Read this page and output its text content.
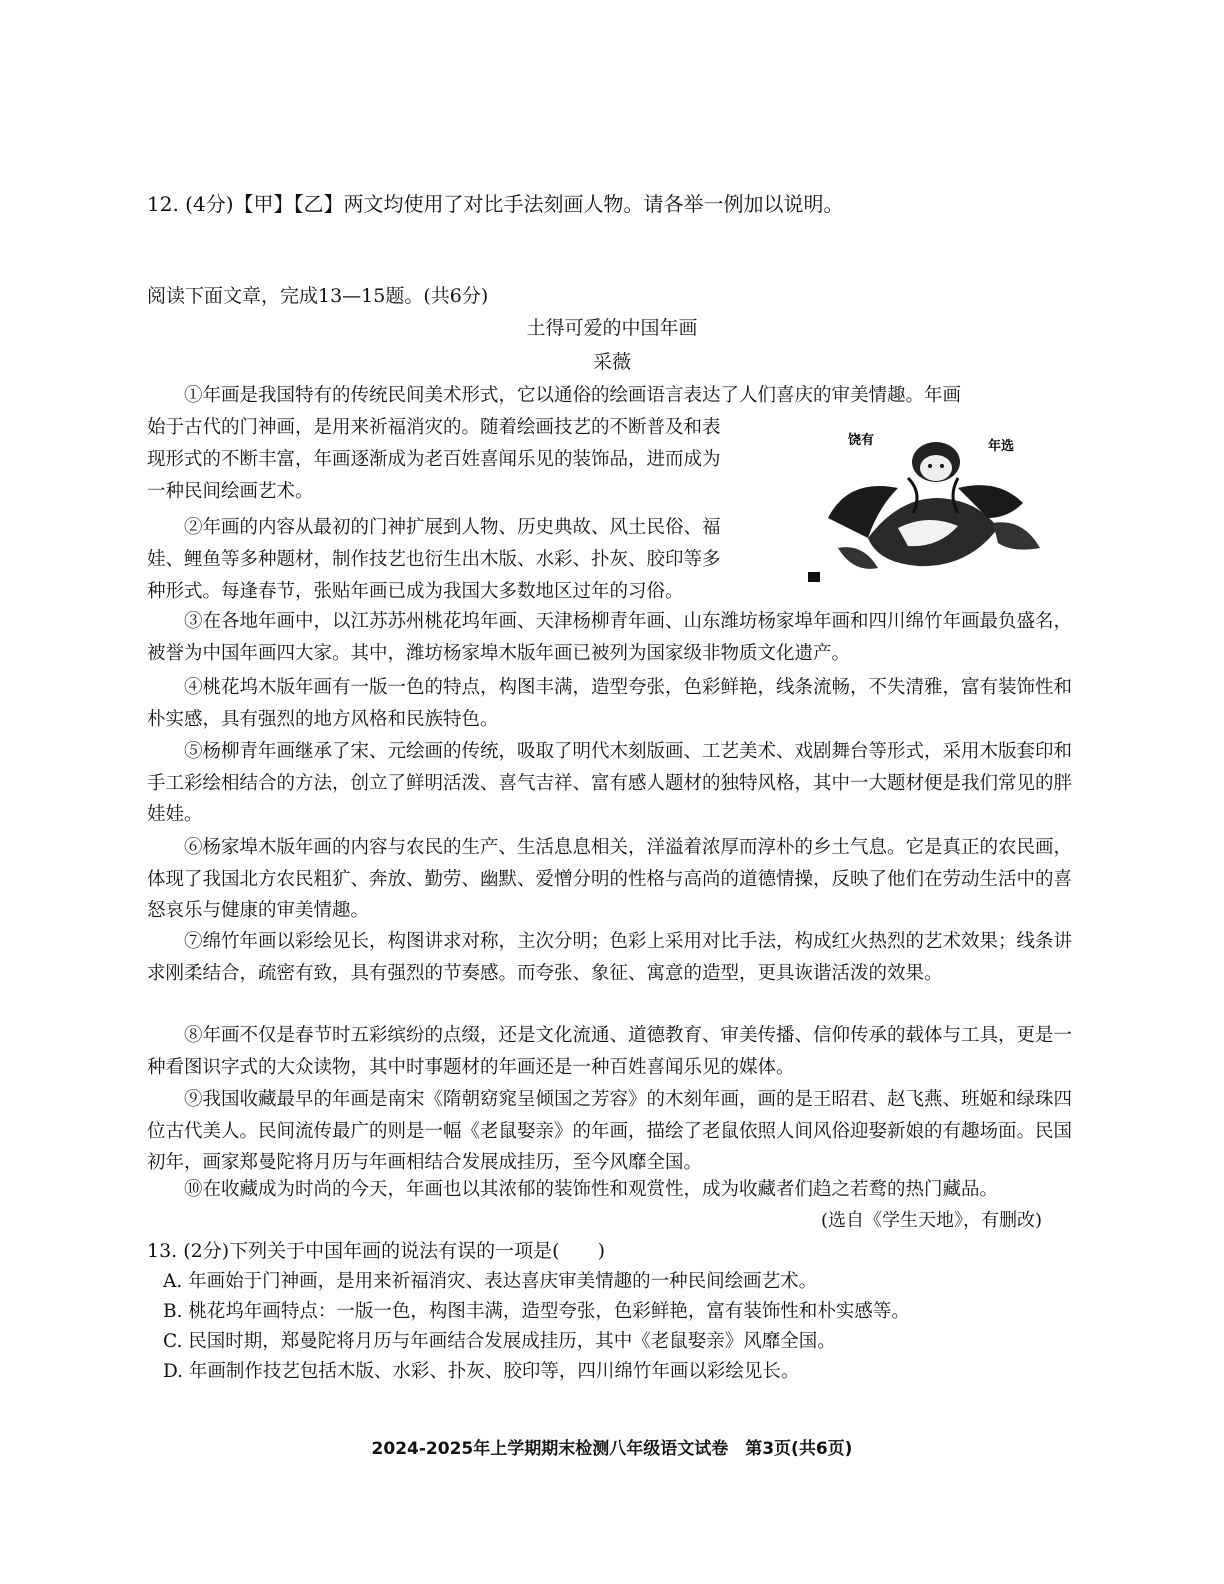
12. (4分)【甲】【乙】两文均使用了对比手法刻画人物。请各举一例加以说明。
阅读下面文章，完成13—15题。(共6分)
土得可爱的中国年画
采薇
①年画是我国特有的传统民间美术形式，它以通俗的绘画语言表达了人们喜庆的审美情趣。年画
始于古代的门神画，是用来祈福消灾的。随着绘画技艺的不断普及和表
现形式的不断丰富，年画逐渐成为老百姓喜闻乐见的装饰品，进而成为
一种民间绘画艺术。
②年画的内容从最初的门神扩展到人物、历史典故、风土民俗、福
娃、鲤鱼等多种题材，制作技艺也衍生出木版、水彩、扑灰、胶印等多
种形式。每逢春节，张贴年画已成为我国大多数地区过年的习俗。
饶有	年选
③在各地年画中，以江苏苏州桃花坞年画、天津杨柳青年画、山东潍坊杨家埠年画和四川绵竹年画最负盛名，被誉为中国年画四大家。其中，潍坊杨家埠木版年画已被列为国家级非物质文化遗产。
④桃花坞木版年画有一版一色的特点，构图丰满，造型夸张，色彩鲜艳，线条流畅，不失清雅，富有装饰性和朴实感，具有强烈的地方风格和民族特色。
⑤杨柳青年画继承了宋、元绘画的传统，吸取了明代木刻版画、工艺美术、戏剧舞台等形式，采用木版套印和手工彩绘相结合的方法，创立了鲜明活泼、喜气吉祥、富有感人题材的独特风格，其中一大题材便是我们常见的胖娃娃。
⑥杨家埠木版年画的内容与农民的生产、生活息息相关，洋溢着浓厚而淳朴的乡土气息。它是真正的农民画，体现了我国北方农民粗犷、奔放、勤劳、幽默、爱憎分明的性格与高尚的道德情操，反映了他们在劳动生活中的喜怒哀乐与健康的审美情趣。
⑦绵竹年画以彩绘见长，构图讲求对称，主次分明；色彩上采用对比手法，构成红火热烈的艺术效果；线条讲求刚柔结合，疏密有致，具有强烈的节奏感。而夸张、象征、寓意的造型，更具诙谐活泼的效果。
⑧年画不仅是春节时五彩缤纷的点缀，还是文化流通、道德教育、审美传播、信仰传承的载体与工具，更是一种看图识字式的大众读物，其中时事题材的年画还是一种百姓喜闻乐见的媒体。
⑨我国收藏最早的年画是南宋《隋朝窈窕呈倾国之芳容》的木刻年画，画的是王昭君、赵飞燕、班姬和绿珠四位古代美人。民间流传最广的则是一幅《老鼠娶亲》的年画，描绘了老鼠依照人间风俗迎娶新娘的有趣场面。民国初年，画家郑曼陀将月历与年画相结合发展成挂历，至今风靡全国。
⑩在收藏成为时尚的今天，年画也以其浓郁的装饰性和观赏性，成为收藏者们趋之若鹜的热门藏品。
(选自《学生天地》，有删改)
13. (2分)下列关于中国年画的说法有误的一项是(　　)
A. 年画始于门神画，是用来祈福消灾、表达喜庆审美情趣的一种民间绘画艺术。
B. 桃花坞年画特点：一版一色，构图丰满，造型夸张，色彩鲜艳，富有装饰性和朴实感等。
C. 民国时期，郑曼陀将月历与年画结合发展成挂历，其中《老鼠娶亲》风靡全国。
D. 年画制作技艺包括木版、水彩、扑灰、胶印等，四川绵竹年画以彩绘见长。
2024-2025年上学期期末检测八年级语文试卷　第3页(共6页)
